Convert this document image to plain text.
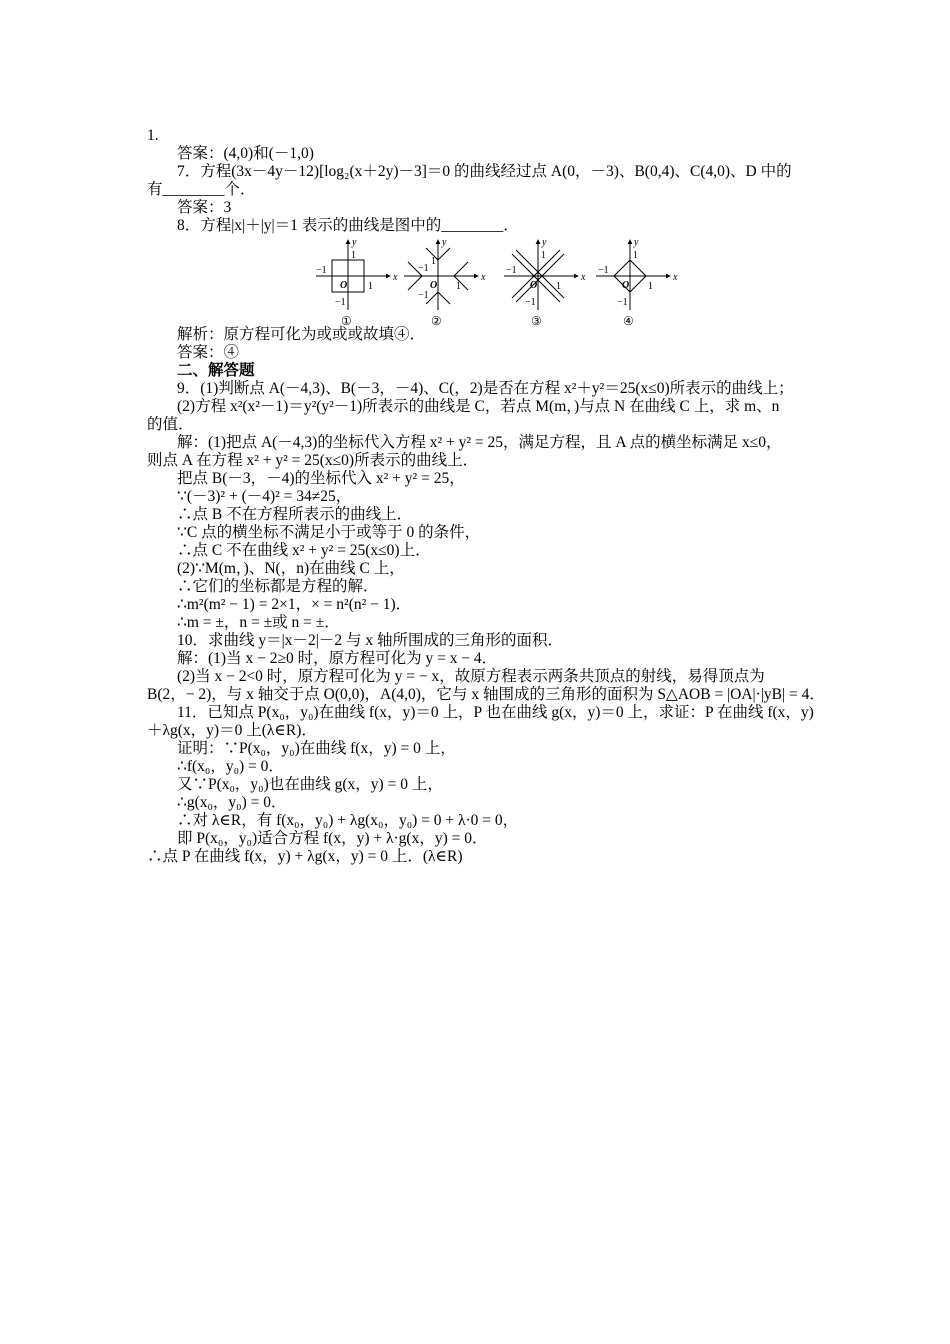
1.
答案：(4,0)和(－1,0)
7．方程(3x－4y－12)[log₂(x＋2y)－3]＝0 的曲线经过点 A(0，－3)、B(0,4)、C(4,0)、D 中的
有________个．
答案：3
8．方程|x|＋|y|＝1 表示的曲线是图中的________．
x
y
O 1
−1
1
−1
①
x
y
O 1
−1
1
−1
②
x
y
O 1
−1
1
−1
③
x
y
O 1
−1
1
−1
④
解析：原方程可化为或或或故填④．
答案：④
二、解答题
9．(1)判断点 A(－4,3)、B(－3，－4)、C(，2)是否在方程 x²＋y²＝25(x≤0)所表示的曲线上；
(2)方程 x²(x²－1)＝y²(y²－1)所表示的曲线是 C，若点 M(m，)与点 N 在曲线 C 上，求 m、n
的值．
解：(1)把点 A(－4,3)的坐标代入方程 x² + y² = 25，满足方程，且 A 点的横坐标满足 x≤0，
则点 A 在方程 x² + y² = 25(x≤0)所表示的曲线上．
把点 B(－3，－4)的坐标代入 x² + y² = 25，
∵(－3)² + (－4)² = 34≠25，
∴点 B 不在方程所表示的曲线上．
∵C 点的横坐标不满足小于或等于 0 的条件，
∴点 C 不在曲线 x² + y² = 25(x≤0)上．
(2)∵M(m，)、N(，n)在曲线 C 上，
∴它们的坐标都是方程的解．
∴m²(m² − 1) = 2×1，× = n²(n² − 1)．
∴m = ±，n = ±或 n = ±．
10．求曲线 y＝|x－2|－2 与 x 轴所围成的三角形的面积．
解：(1)当 x − 2≥0 时，原方程可化为 y = x − 4．
(2)当 x − 2<0 时，原方程可化为 y = − x，故原方程表示两条共顶点的射线，易得顶点为
B(2，− 2)，与 x 轴交于点 O(0,0)，A(4,0)，它与 x 轴围成的三角形的面积为 S△AOB = |OA|·|yB| = 4．
11．已知点 P(x₀，y₀)在曲线 f(x，y)＝0 上，P 也在曲线 g(x，y)＝0 上，求证：P 在曲线 f(x，y)
＋λg(x，y)＝0 上(λ∈R)．
证明：∵P(x₀，y₀)在曲线 f(x，y) = 0 上，
∴f(x₀，y₀) = 0．
又∵P(x₀，y₀)也在曲线 g(x，y) = 0 上，
∴g(x₀，y₀) = 0．
∴对 λ∈R，有 f(x₀，y₀) + λg(x₀，y₀) = 0 + λ·0 = 0，
即 P(x₀，y₀)适合方程 f(x，y) + λ·g(x，y) = 0．
∴点 P 在曲线 f(x，y) + λg(x，y) = 0 上．(λ∈R)
